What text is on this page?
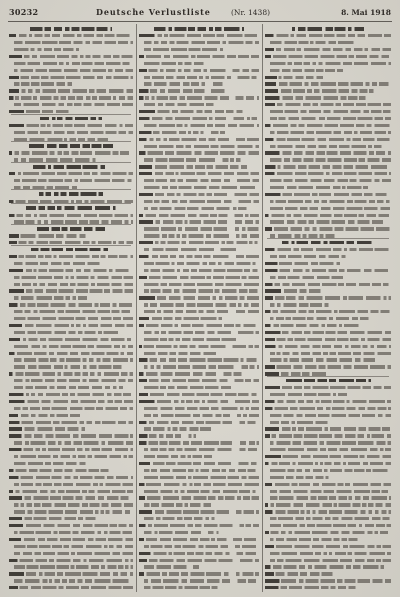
30232	Deutsche Verlustliste	(Nr. 1438)	8. Mai 1918
